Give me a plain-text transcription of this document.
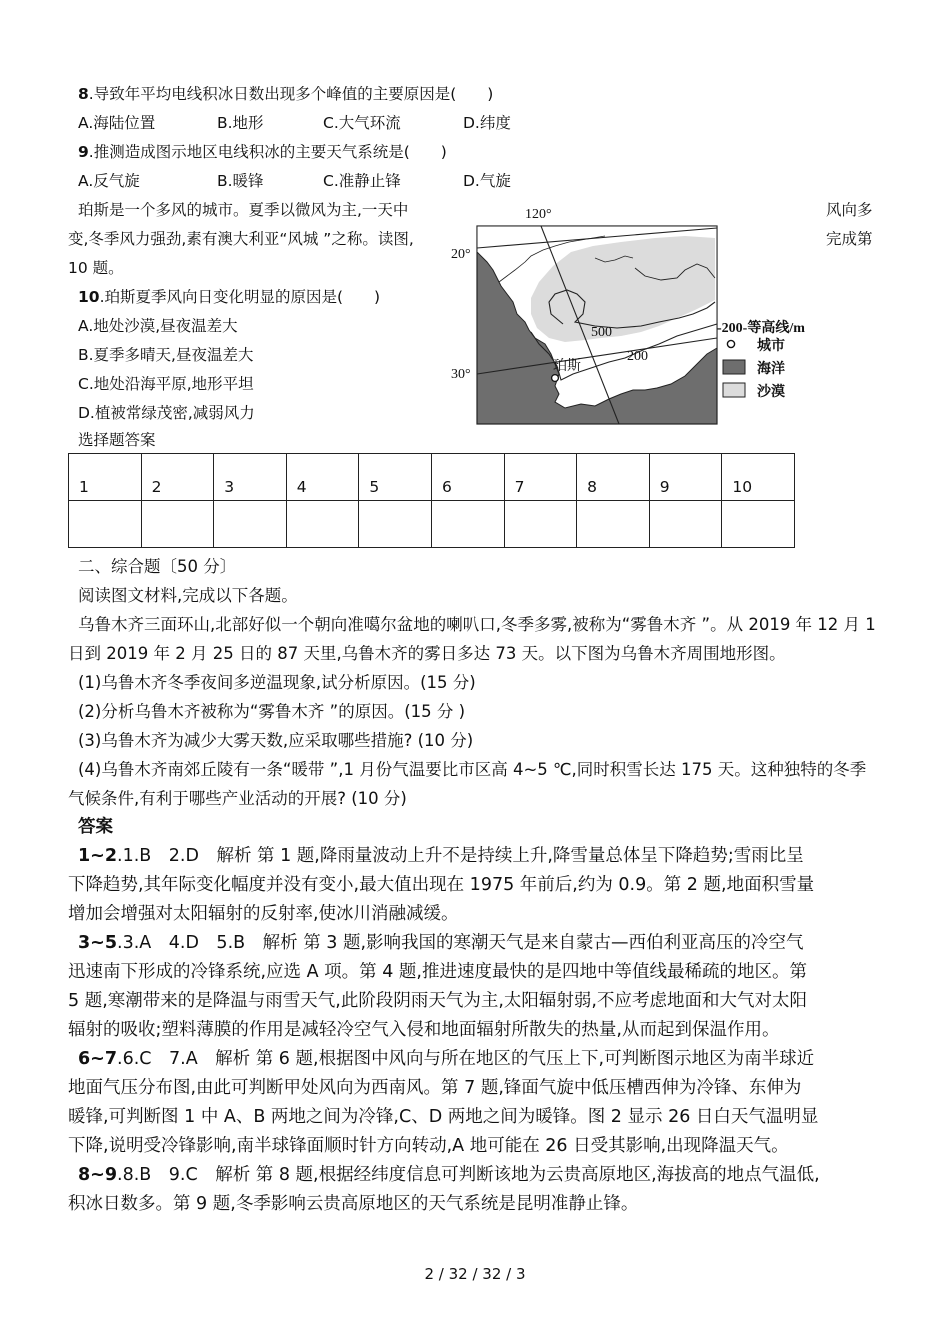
8.导致年平均电线积冰日数出现多个峰值的主要原因是(　　)
A.海陆位置	B.地形	C.大气环流	D.纬度
9.推测造成图示地区电线积冰的主要天气系统是(　　)
A.反气旋	B.暖锋	C.准静止锋	D.气旋
珀斯是一个多风的城市。夏季以微风为主,一天中	风向多
变,冬季风力强劲,素有澳大利亚“风城 ”之称。读图,	完成第
10 题。
10.珀斯夏季风向日变化明显的原因是(　　)
A.地处沙漠,昼夜温差大
B.夏季多晴天,昼夜温差大
C.地处沿海平原,地形平坦
D.植被常绿茂密,减弱风力
120°
20°
30°
500
200
珀斯
-200-等高线/m
城市
海洋
沙漠
选择题答案
1	2	3	4	5	6	7	8	9	10

二、综合题〔50 分〕

阅读图文材料,完成以下各题。

乌鲁木齐三面环山,北部好似一个朝向准噶尔盆地的喇叭口,冬季多雾,被称为“雾鲁木齐 ”。从 2019 年 12 月 1

日到 2019 年 2 月 25 日的 87 天里,乌鲁木齐的雾日多达 73 天。以下图为乌鲁木齐周围地形图。

(1)乌鲁木齐冬季夜间多逆温现象,试分析原因。(15 分)

(2)分析乌鲁木齐被称为“雾鲁木齐 ”的原因。(15 分 )

(3)乌鲁木齐为减少大雾天数,应采取哪些措施? (10 分)

(4)乌鲁木齐南郊丘陵有一条“暖带 ”,1 月份气温要比市区高 4~5 ℃,同时积雪长达 175 天。这种独特的冬季

气候条件,有利于哪些产业活动的开展? (10 分)

答案

1~2.1.B　2.D　解析 第 1 题,降雨量波动上升不是持续上升,降雪量总体呈下降趋势;雪雨比呈

下降趋势,其年际变化幅度并没有变小,最大值出现在 1975 年前后,约为 0.9。第 2 题,地面积雪量

增加会增强对太阳辐射的反射率,使冰川消融减缓。

3~5.3.A　4.D　5.B　解析 第 3 题,影响我国的寒潮天气是来自蒙古—西伯利亚高压的冷空气

迅速南下形成的冷锋系统,应选 A 项。第 4 题,推进速度最快的是四地中等值线最稀疏的地区。第

5 题,寒潮带来的是降温与雨雪天气,此阶段阴雨天气为主,太阳辐射弱,不应考虑地面和大气对太阳

辐射的吸收;塑料薄膜的作用是减轻冷空气入侵和地面辐射所散失的热量,从而起到保温作用。

6~7.6.C　7.A　解析 第 6 题,根据图中风向与所在地区的气压上下,可判断图示地区为南半球近

地面气压分布图,由此可判断甲处风向为西南风。第 7 题,锋面气旋中低压槽西伸为冷锋、东伸为

暖锋,可判断图 1 中 A、B 两地之间为冷锋,C、D 两地之间为暖锋。图 2 显示 26 日白天气温明显

下降,说明受冷锋影响,南半球锋面顺时针方向转动,A 地可能在 26 日受其影响,出现降温天气。

8~9.8.B　9.C　解析 第 8 题,根据经纬度信息可判断该地为云贵高原地区,海拔高的地点气温低,

积冰日数多。第 9 题,冬季影响云贵高原地区的天气系统是昆明准静止锋。

2 / 32 / 32 / 3
